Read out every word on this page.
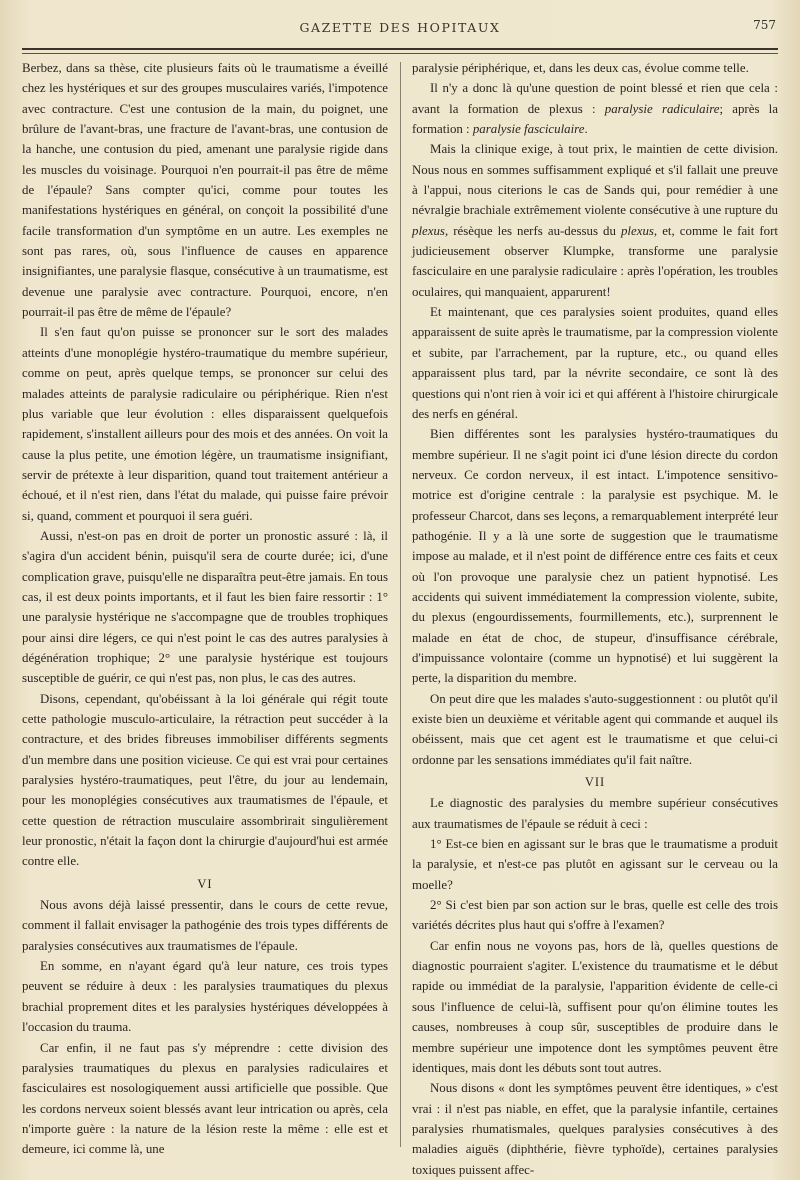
GAZETTE DES HOPITAUX	757

Berbez, dans sa thèse, cite plusieurs faits où le traumatisme a éveillé chez les hystériques et sur des groupes musculaires variés, l'impotence avec contracture. C'est une contusion de la main, du poignet, une brûlure de l'avant-bras, une fracture de l'avant-bras, une contusion de la hanche, une contusion du pied, amenant une paralysie rigide dans les muscles du voisinage. Pourquoi n'en pourrait-il pas être de même de l'épaule? Sans compter qu'ici, comme pour toutes les manifestations hystériques en général, on conçoit la possibilité d'une facile transformation d'un symptôme en un autre. Les exemples ne sont pas rares, où, sous l'influence de causes en apparence insignifiantes, une paralysie flasque, consécutive à un traumatisme, est devenue une paralysie avec contracture. Pourquoi, encore, n'en pourrait-il pas être de même de l'épaule?

Il s'en faut qu'on puisse se prononcer sur le sort des malades atteints d'une monoplégie hystéro-traumatique du membre supérieur, comme on peut, après quelque temps, se prononcer sur celui des malades atteints de paralysie radiculaire ou périphérique. Rien n'est plus variable que leur évolution : elles disparaissent quelquefois rapidement, s'installent ailleurs pour des mois et des années. On voit la cause la plus petite, une émotion légère, un traumatisme insignifiant, servir de prétexte à leur disparition, quand tout traitement antérieur a échoué, et il n'est rien, dans l'état du malade, qui puisse faire prévoir si, quand, comment et pourquoi il sera guéri.

Aussi, n'est-on pas en droit de porter un pronostic assuré : là, il s'agira d'un accident bénin, puisqu'il sera de courte durée; ici, d'une complication grave, puisqu'elle ne disparaîtra peut-être jamais. En tous cas, il est deux points importants, et il faut les bien faire ressortir : 1° une paralysie hystérique ne s'accompagne que de troubles trophiques pour ainsi dire légers, ce qui n'est point le cas des autres paralysies à dégénération trophique; 2° une paralysie hystérique est toujours susceptible de guérir, ce qui n'est pas, non plus, le cas des autres.

Disons, cependant, qu'obéissant à la loi générale qui régit toute cette pathologie musculo-articulaire, la rétraction peut succéder à la contracture, et des brides fibreuses immobiliser différents segments d'un membre dans une position vicieuse. Ce qui est vrai pour certaines paralysies hystéro-traumatiques, peut l'être, du jour au lendemain, pour les monoplégies consécutives aux traumatismes de l'épaule, et cette question de rétraction musculaire assombrirait singulièrement leur pronostic, n'était la façon dont la chirurgie d'aujourd'hui est armée contre elle.

VI

Nous avons déjà laissé pressentir, dans le cours de cette revue, comment il fallait envisager la pathogénie des trois types différents de paralysies consécutives aux traumatismes de l'épaule.

En somme, en n'ayant égard qu'à leur nature, ces trois types peuvent se réduire à deux : les paralysies traumatiques du plexus brachial proprement dites et les paralysies hystériques développées à l'occasion du trauma.

Car enfin, il ne faut pas s'y méprendre : cette division des paralysies traumatiques du plexus en paralysies radiculaires et fasciculaires est nosologiquement aussi artificielle que possible. Que les cordons nerveux soient blessés avant leur intrication ou après, cela n'importe guère : la nature de la lésion reste la même : elle est et demeure, ici comme là, une

paralysie périphérique, et, dans les deux cas, évolue comme telle.

Il n'y a donc là qu'une question de point blessé et rien que cela : avant la formation de plexus : paralysie radiculaire; après la formation : paralysie fasciculaire.

Mais la clinique exige, à tout prix, le maintien de cette division. Nous nous en sommes suffisamment expliqué et s'il fallait une preuve à l'appui, nous citerions le cas de Sands qui, pour remédier à une névralgie brachiale extrêmement violente consécutive à une rupture du plexus, résèque les nerfs au-dessus du plexus, et, comme le fait fort judicieusement observer Klumpke, transforme une paralysie fasciculaire en une paralysie radiculaire : après l'opération, les troubles oculaires, qui manquaient, apparurent!

Et maintenant, que ces paralysies soient produites, quand elles apparaissent de suite après le traumatisme, par la compression violente et subite, par l'arrachement, par la rupture, etc., ou quand elles apparaissent plus tard, par la névrite secondaire, ce sont là des questions qui n'ont rien à voir ici et qui afférent à l'histoire chirurgicale des nerfs en général.

Bien différentes sont les paralysies hystéro-traumatiques du membre supérieur. Il ne s'agit point ici d'une lésion directe du cordon nerveux. Ce cordon nerveux, il est intact. L'impotence sensitivo-motrice est d'origine centrale : la paralysie est psychique. M. le professeur Charcot, dans ses leçons, a remarquablement interprété leur pathogénie. Il y a là une sorte de suggestion que le traumatisme impose au malade, et il n'est point de différence entre ces faits et ceux où l'on provoque une paralysie chez un patient hypnotisé. Les accidents qui suivent immédiatement la compression violente, subite, du plexus (engourdissements, fourmillements, etc.), surprennent le malade en état de choc, de stupeur, d'insuffisance cérébrale, d'impuissance volontaire (comme un hypnotisé) et lui suggèrent la perte, la disparition du membre.

On peut dire que les malades s'auto-suggestionnent : ou plutôt qu'il existe bien un deuxième et véritable agent qui commande et auquel ils obéissent, mais que cet agent est le traumatisme et que celui-ci ordonne par les sensations immédiates qu'il fait naître.

VII

Le diagnostic des paralysies du membre supérieur consécutives aux traumatismes de l'épaule se réduit à ceci :

1° Est-ce bien en agissant sur le bras que le traumatisme a produit la paralysie, et n'est-ce pas plutôt en agissant sur le cerveau ou la moelle?

2° Si c'est bien par son action sur le bras, quelle est celle des trois variétés décrites plus haut qui s'offre à l'examen?

Car enfin nous ne voyons pas, hors de là, quelles questions de diagnostic pourraient s'agiter. L'existence du traumatisme et le début rapide ou immédiat de la paralysie, l'apparition évidente de celle-ci sous l'influence de celui-là, suffisent pour qu'on élimine toutes les causes, nombreuses à coup sûr, susceptibles de produire dans le membre supérieur une impotence dont les symptômes peuvent être identiques, mais dont les débuts sont tout autres.

Nous disons « dont les symptômes peuvent être identiques, » c'est vrai : il n'est pas niable, en effet, que la paralysie infantile, certaines paralysies rhumatismales, quelques paralysies consécutives à des maladies aiguës (diphthérie, fièvre typhoïde), certaines paralysies toxiques puissent affec-
